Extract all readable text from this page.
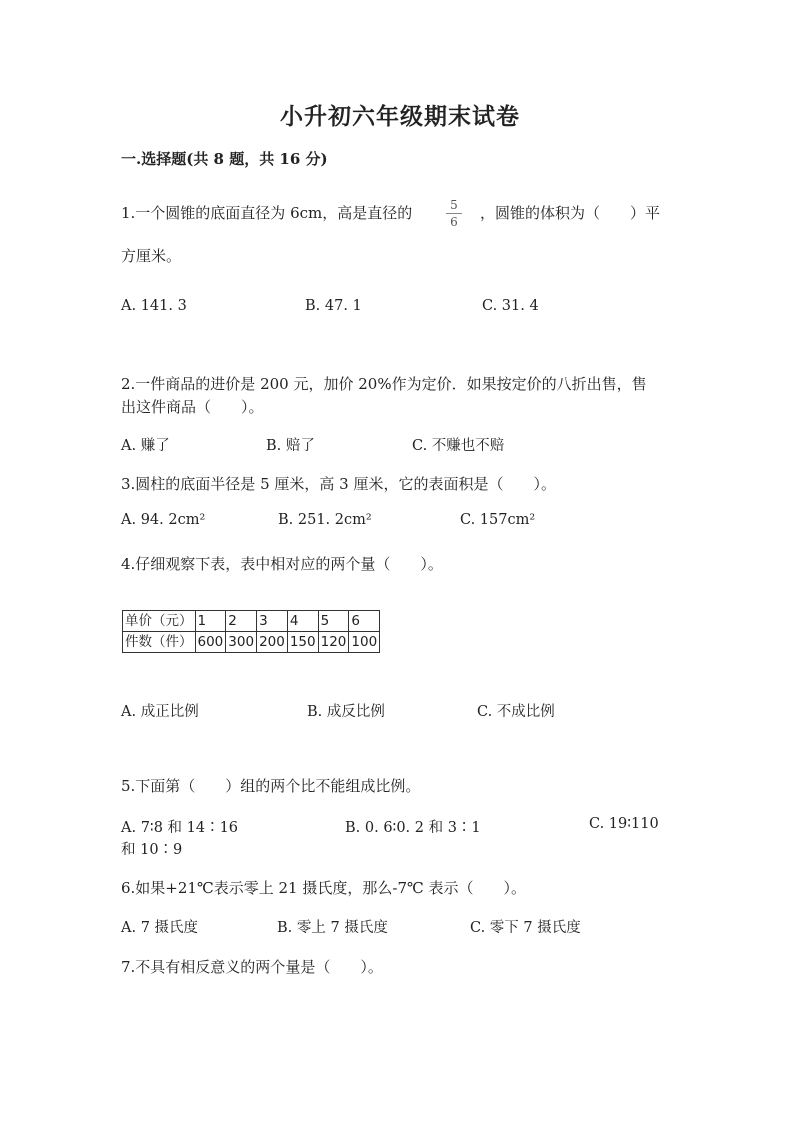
小升初六年级期末试卷
一.选择题(共 8 题，共 16 分)
1.一个圆锥的底面直径为 6cm，高是直径的	5
6	，圆锥的体积为（　　）平
方厘米。
A. 141. 3	B. 47. 1	C. 31. 4
2.一件商品的进价是 200 元，加价 20%作为定价．如果按定价的八折出售，售
出这件商品（　　）。
A. 赚了	B. 赔了	C. 不赚也不赔
3.圆柱的底面半径是 5 厘米，高 3 厘米，它的表面积是（　　）。
A. 94. 2cm²	B. 251. 2cm²	C. 157cm²
4.仔细观察下表，表中相对应的两个量（　　）。
单价（元）	1	2	3	4	5	6
件数（件）	600	300	200	150	120	100
A. 成正比例	B. 成反比例	C. 不成比例
5.下面第（　　）组的两个比不能组成比例。
A. 7∶8 和 14∶16	B. 0. 6∶0. 2 和 3∶1	C. 19∶110
和 10∶9
6.如果+21℃表示零上 21 摄氏度，那么-7℃ 表示（　　）。
A. 7 摄氏度	B. 零上 7 摄氏度	C. 零下 7 摄氏度
7.不具有相反意义的两个量是（　　）。
